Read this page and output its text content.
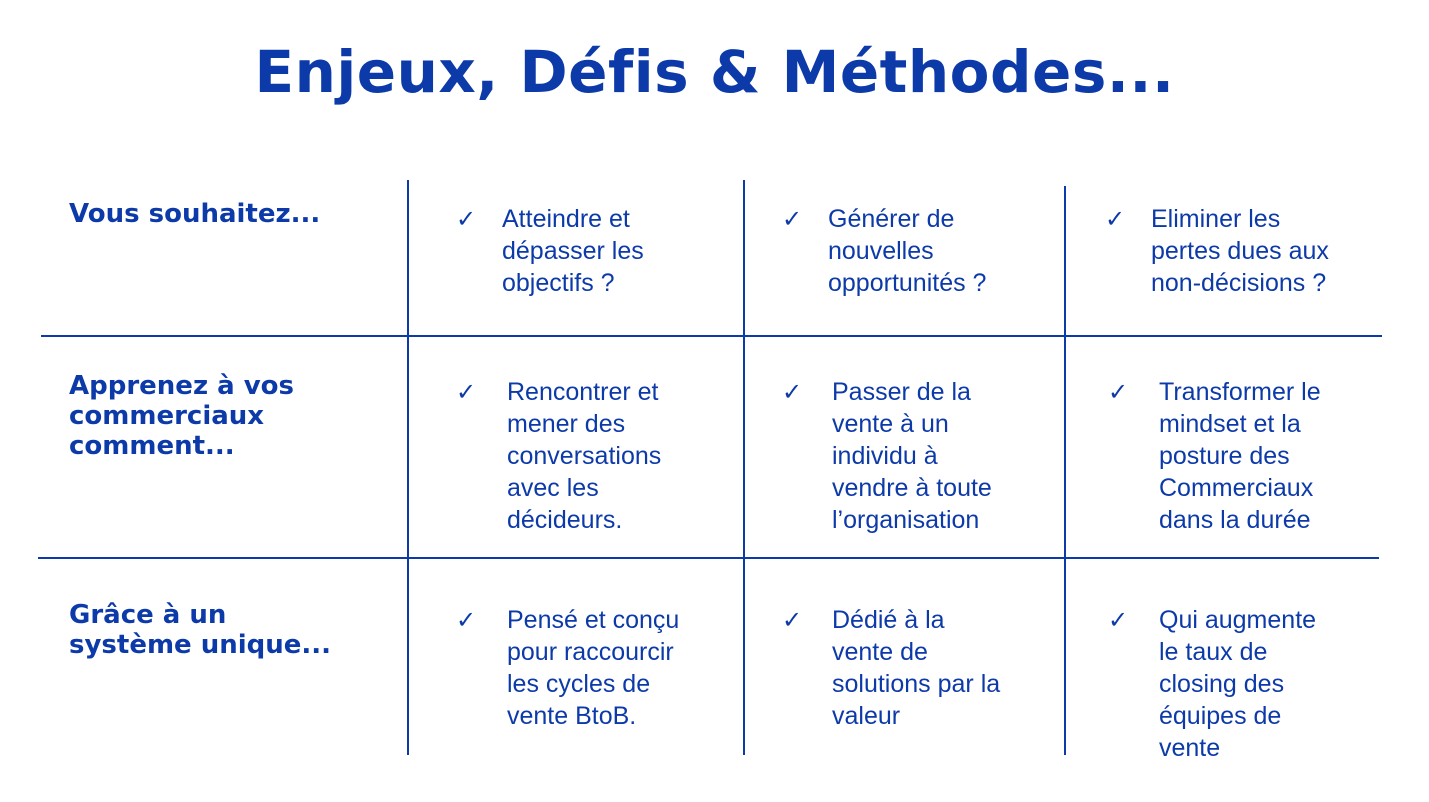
Enjeux, Défis & Méthodes...
Vous souhaitez...	✓	Atteindre et
dépasser les
objectifs ?
✓	Générer de
nouvelles
opportunités ?
✓	Eliminer les
pertes dues aux
non-décisions ?
Apprenez à vos
commerciaux
comment...
✓	Rencontrer et
mener des
conversations
avec les
décideurs.
✓	Passer de la
vente à un
individu à
vendre à toute
l’organisation
✓	Transformer le
mindset et la
posture des
Commerciaux
dans la durée
Grâce à un
système unique...
✓	Pensé et conçu
pour raccourcir
les cycles de
vente BtoB.
✓	Dédié à la
vente de
solutions par la
valeur
✓	Qui augmente
le taux de
closing des
équipes de
vente
